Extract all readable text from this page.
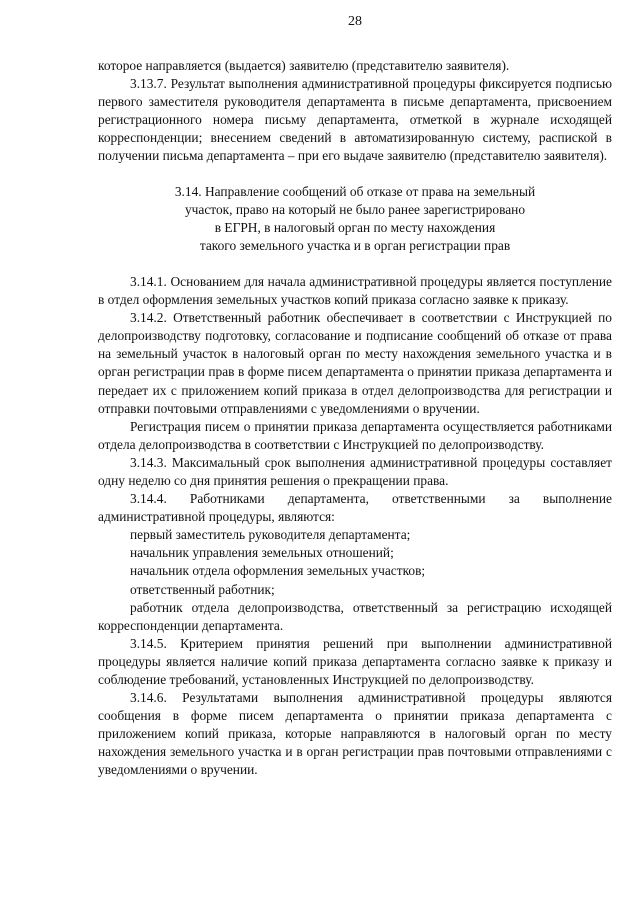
28

которое направляется (выдается) заявителю (представителю заявителя).

3.13.7. Результат выполнения административной процедуры фиксируется подписью первого заместителя руководителя департамента в письме департамента, присвоением регистрационного номера письму департамента, отметкой в журнале исходящей корреспонденции; внесением сведений в автоматизированную систему, распиской в получении письма департамента – при его выдаче заявителю (представителю заявителя).

3.14. Направление сообщений об отказе от права на земельный
участок, право на который не было ранее зарегистрировано
в ЕГРН, в налоговый орган по месту нахождения
такого земельного участка и в орган регистрации прав

3.14.1. Основанием для начала административной процедуры является поступление в отдел оформления земельных участков копий приказа согласно заявке к приказу.

3.14.2. Ответственный работник обеспечивает в соответствии с Инструкцией по делопроизводству подготовку, согласование и подписание сообщений об отказе от права на земельный участок в налоговый орган по месту нахождения земельного участка и в орган регистрации прав в форме писем департамента о принятии приказа департамента и передает их с приложением копий приказа в отдел делопроизводства для регистрации и отправки почтовыми отправлениями с уведомлениями о вручении.

Регистрация писем о принятии приказа департамента осуществляется работниками отдела делопроизводства в соответствии с Инструкцией по делопроизводству.

3.14.3. Максимальный срок выполнения административной процедуры составляет одну неделю со дня принятия решения о прекращении права.

3.14.4. Работниками департамента, ответственными за выполнение административной процедуры, являются:

первый заместитель руководителя департамента;
начальник управления земельных отношений;
начальник отдела оформления земельных участков;
ответственный работник;
работник отдела делопроизводства, ответственный за регистрацию исходящей корреспонденции департамента.

3.14.5. Критерием принятия решений при выполнении административной процедуры является наличие копий приказа департамента согласно заявке к приказу и соблюдение требований, установленных Инструкцией по делопроизводству.

3.14.6. Результатами выполнения административной процедуры являются сообщения в форме писем департамента о принятии приказа департамента с приложением копий приказа, которые направляются в налоговый орган по месту нахождения земельного участка и в орган регистрации прав почтовыми отправлениями с уведомлениями о вручении.
